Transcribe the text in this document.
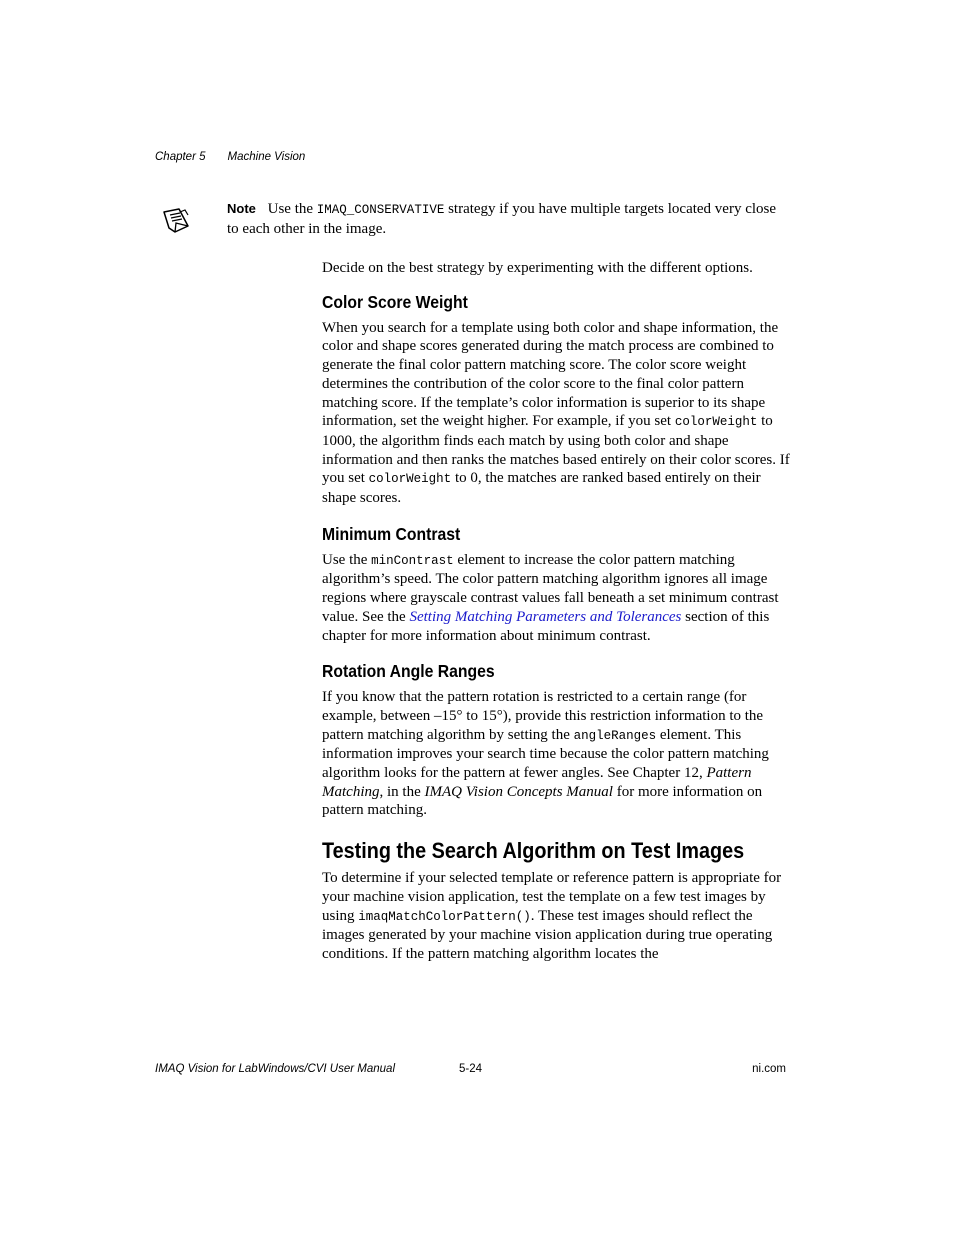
Chapter 5 Machine Vision
Note Use the IMAQ_CONSERVATIVE strategy if you have multiple targets located very close to each other in the image.

Decide on the best strategy by experimenting with the different options.

Color Score Weight

When you search for a template using both color and shape information, the color and shape scores generated during the match process are combined to generate the final color pattern matching score. The color score weight determines the contribution of the color score to the final color pattern matching score. If the template’s color information is superior to its shape information, set the weight higher. For example, if you set colorWeight to 1000, the algorithm finds each match by using both color and shape information and then ranks the matches based entirely on their color scores. If you set colorWeight to 0, the matches are ranked based entirely on their shape scores.

Minimum Contrast

Use the minContrast element to increase the color pattern matching algorithm’s speed. The color pattern matching algorithm ignores all image regions where grayscale contrast values fall beneath a set minimum contrast value. See the Setting Matching Parameters and Tolerances section of this chapter for more information about minimum contrast.

Rotation Angle Ranges

If you know that the pattern rotation is restricted to a certain range (for example, between –15° to 15°), provide this restriction information to the pattern matching algorithm by setting the angleRanges element. This information improves your search time because the color pattern matching algorithm looks for the pattern at fewer angles. See Chapter 12, Pattern Matching, in the IMAQ Vision Concepts Manual for more information on pattern matching.

Testing the Search Algorithm on Test Images

To determine if your selected template or reference pattern is appropriate for your machine vision application, test the template on a few test images by using imaqMatchColorPattern(). These test images should reflect the images generated by your machine vision application during true operating conditions. If the pattern matching algorithm locates the

IMAQ Vision for LabWindows/CVI User Manual	5-24	ni.com
